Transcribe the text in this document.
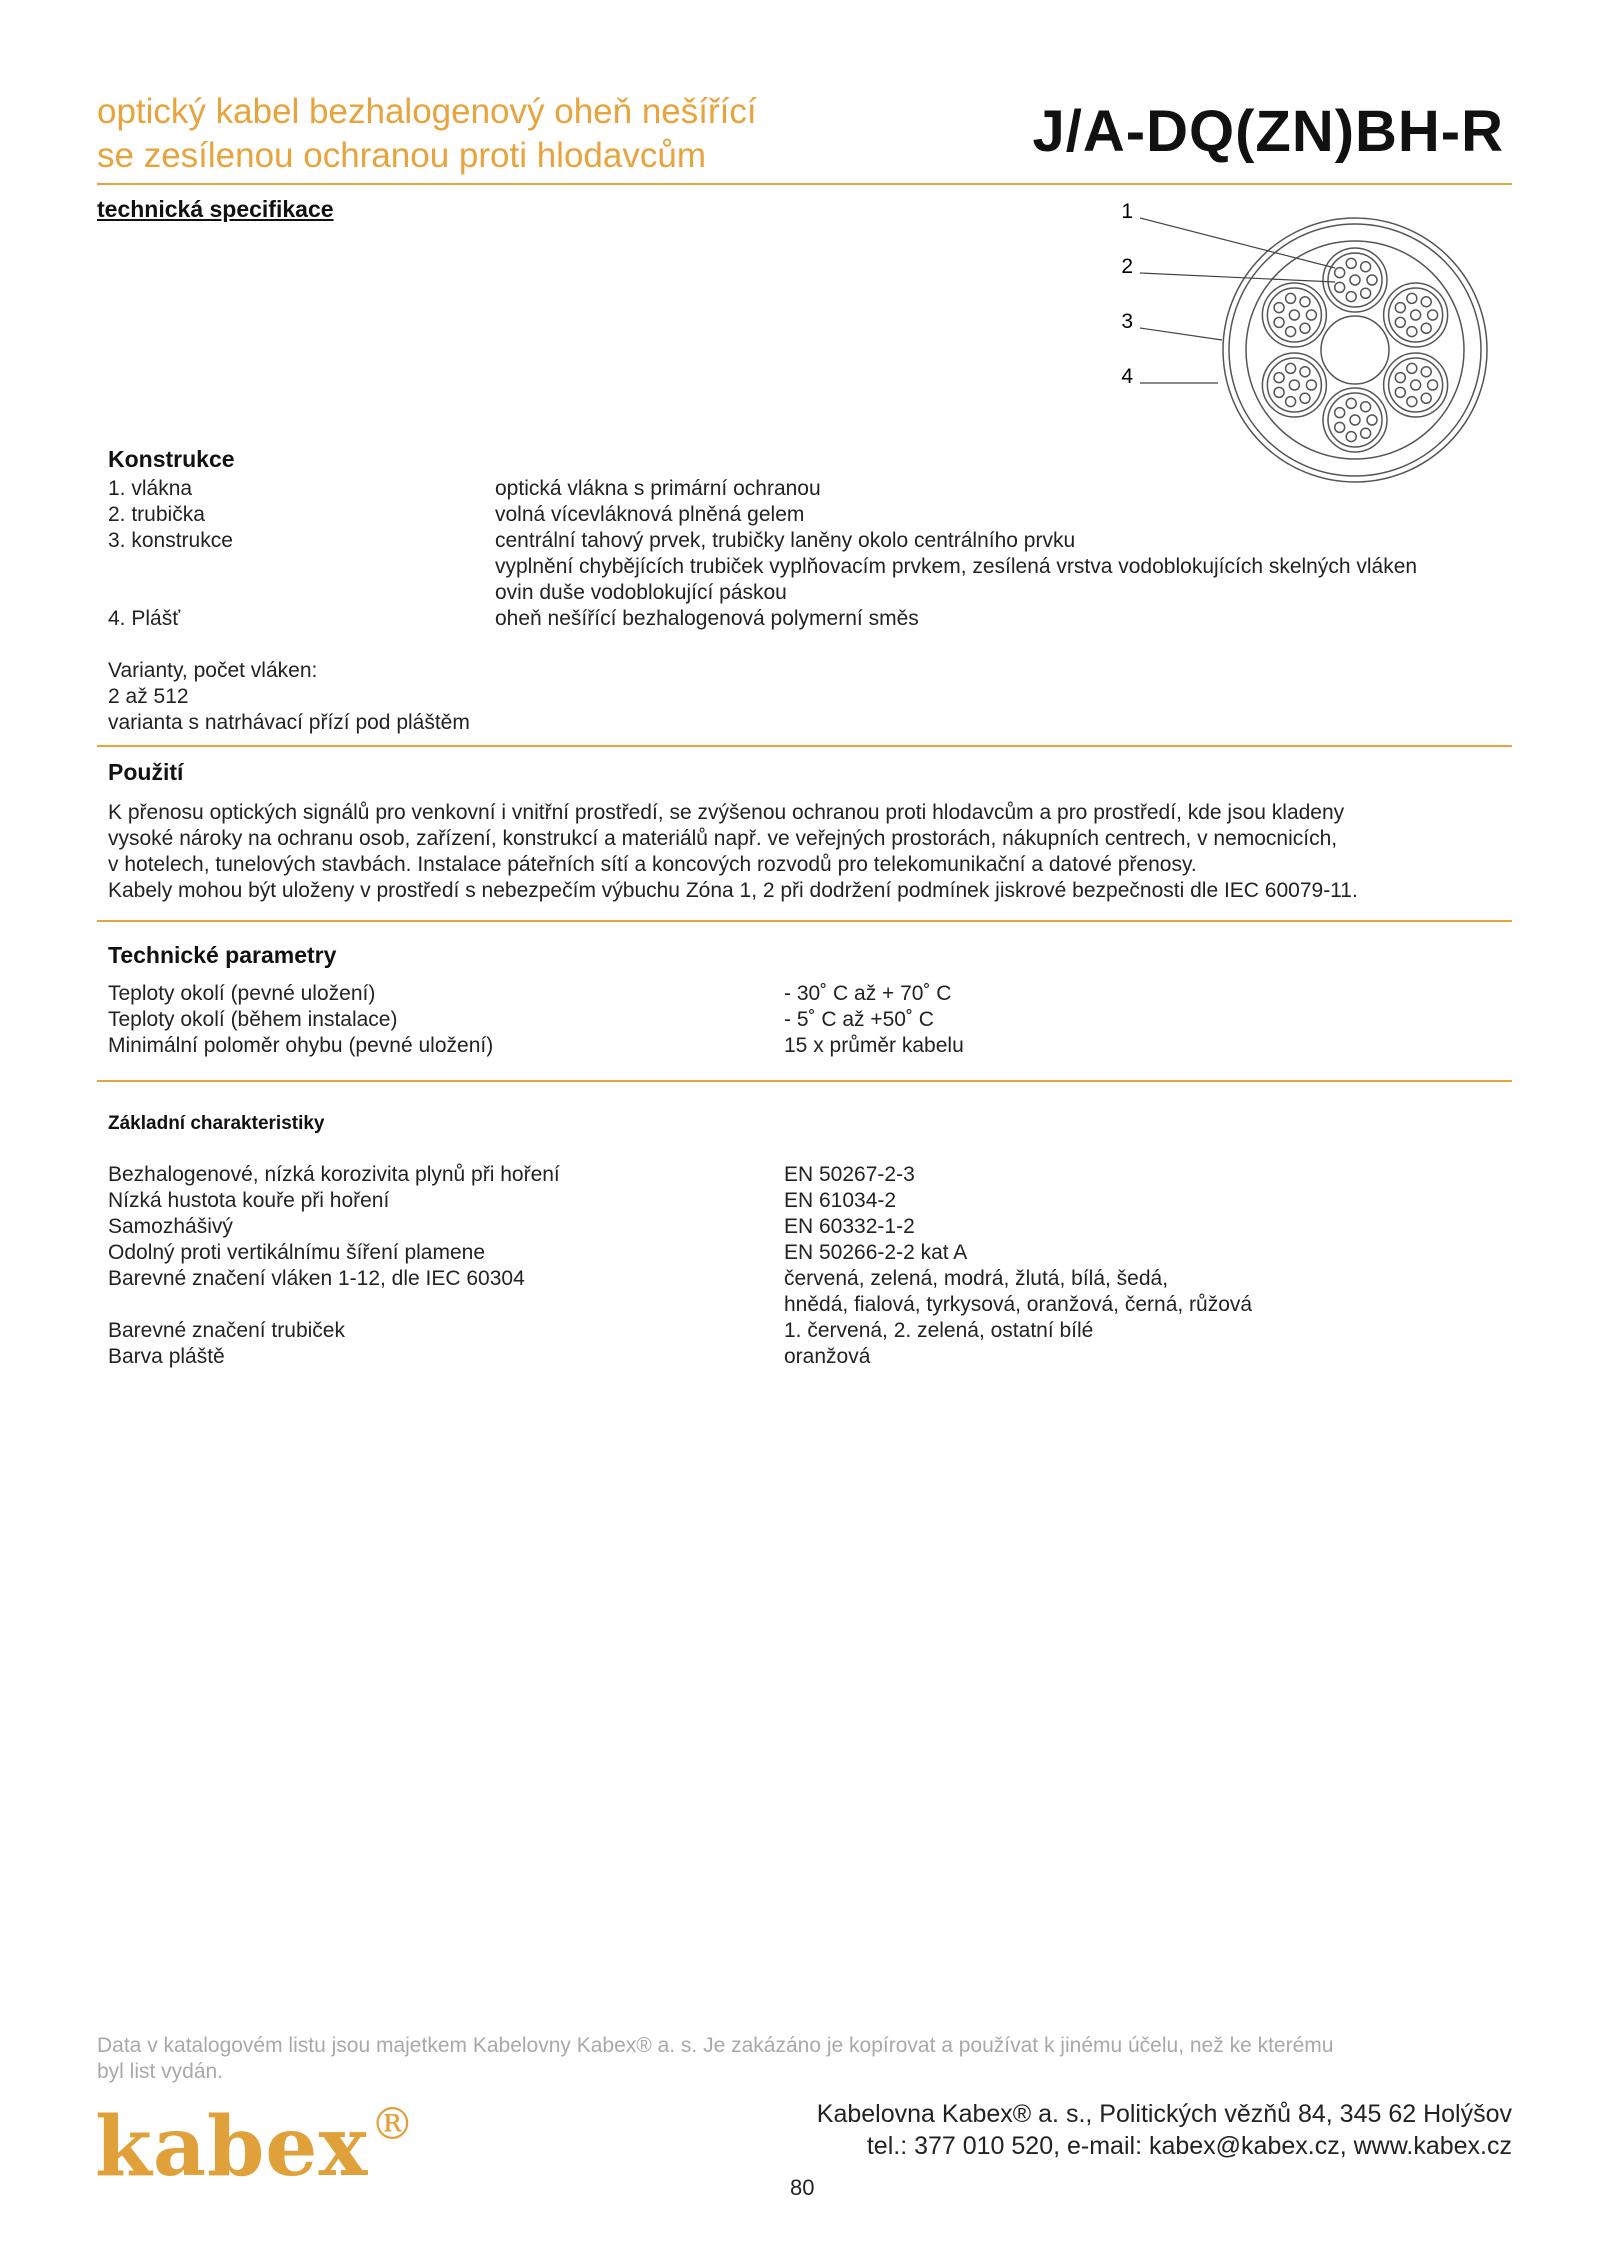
optický kabel bezhalogenový oheň nešířící
se zesílenou ochranou proti hlodavcům	J/A-DQ(ZN)BH-R
technická specifikace	1
2
3
4
Konstrukce
1. vlákna	optická vlákna s primární ochranou
2. trubička	volná vícevláknová plněná gelem
3. konstrukce	centrální tahový prvek, trubičky laněny okolo centrálního prvku
vyplnění chybějících trubiček vyplňovacím prvkem, zesílená vrstva vodoblokujících skelných vláken
ovin duše vodoblokující páskou
4. Plášť	oheň nešířící bezhalogenová polymerní směs
Varianty, počet vláken:
2 až 512
varianta s natrhávací přízí pod pláštěm
Použití
K přenosu optických signálů pro venkovní i vnitřní prostředí, se zvýšenou ochranou proti hlodavcům a pro prostředí, kde jsou kladeny
vysoké nároky na ochranu osob, zařízení, konstrukcí a materiálů např. ve veřejných prostorách, nákupních centrech, v nemocnicích,
v hotelech, tunelových stavbách. Instalace páteřních sítí a koncových rozvodů pro telekomunikační a datové přenosy.
Kabely mohou být uloženy v prostředí s nebezpečím výbuchu Zóna 1, 2 při dodržení podmínek jiskrové bezpečnosti dle IEC 60079-11.
Technické parametry
Teploty okolí (pevné uložení)	- 30˚ C až + 70˚ C
Teploty okolí (během instalace)	- 5˚ C až +50˚ C
Minimální poloměr ohybu (pevné uložení)	15 x průměr kabelu
Základní charakteristiky
Bezhalogenové, nízká korozivita plynů při hoření	EN 50267-2-3
Nízká hustota kouře při hoření	EN 61034-2
Samozhášivý	EN 60332-1-2
Odolný proti vertikálnímu šíření plamene	EN 50266-2-2 kat A
Barevné značení vláken 1-12, dle IEC 60304	červená, zelená, modrá, žlutá, bílá, šedá,
hnědá, fialová, tyrkysová, oranžová, černá, růžová
Barevné značení trubiček	1. červená, 2. zelená, ostatní bílé
Barva pláště	oranžová
Data v katalogovém listu jsou majetkem Kabelovny Kabex® a. s. Je zakázáno je kopírovat a používat k jinému účelu, než ke kterému
byl list vydán.
kabex®	Kabelovna Kabex® a. s., Politických vězňů 84, 345 62 Holýšov
tel.: 377 010 520, e-mail: kabex@kabex.cz, www.kabex.cz
80
